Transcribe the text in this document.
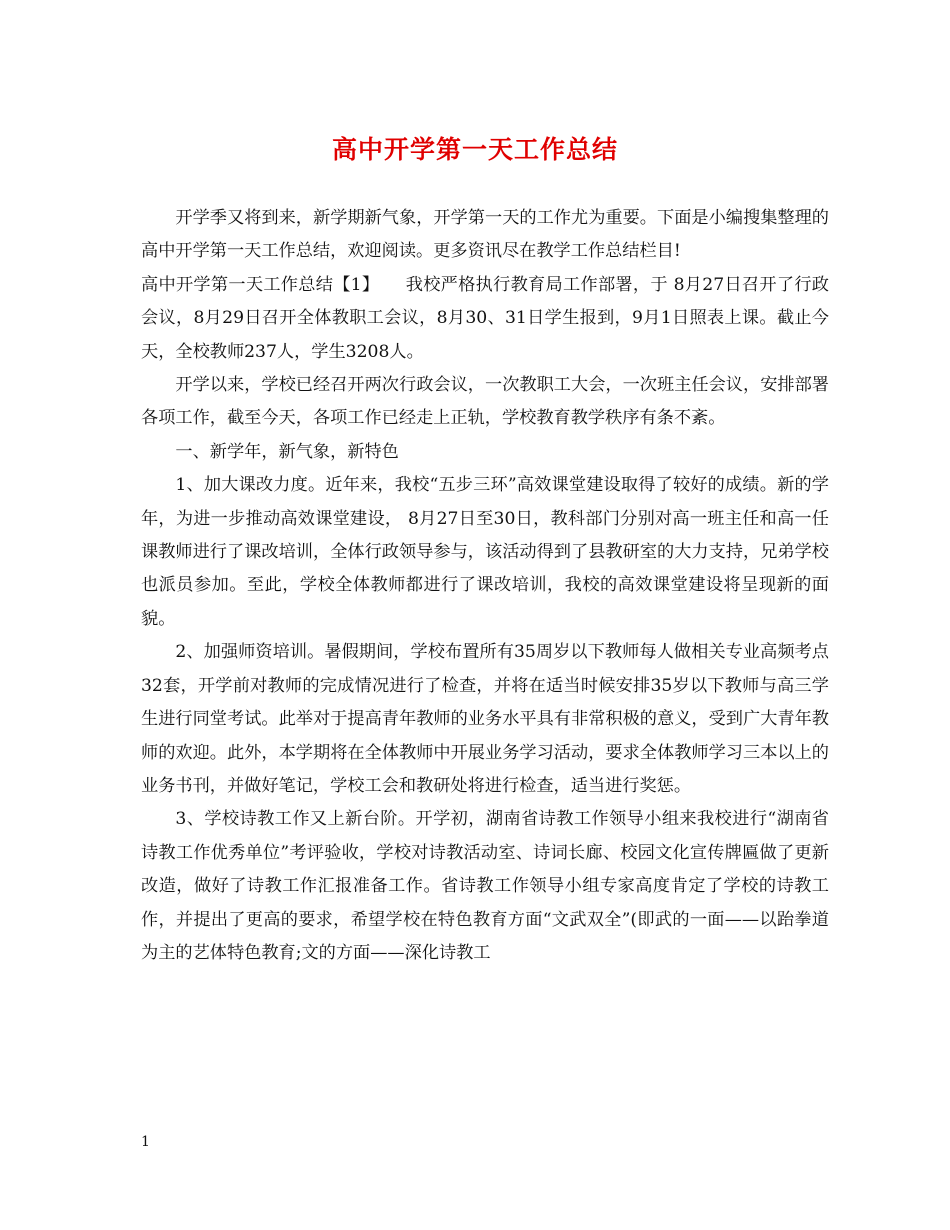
高中开学第一天工作总结

开学季又将到来，新学期新气象，开学第一天的工作尤为重要。下面是小编搜集整理的高中开学第一天工作总结，欢迎阅读。更多资讯尽在教学工作总结栏目!

高中开学第一天工作总结【1】　　我校严格执行教育局工作部署，于 8月27日召开了行政会议，8月29日召开全体教职工会议，8月30、31日学生报到，9月1日照表上课。截止今天，全校教师237人，学生3208人。

开学以来，学校已经召开两次行政会议，一次教职工大会，一次班主任会议，安排部署各项工作，截至今天，各项工作已经走上正轨，学校教育教学秩序有条不紊。

一、新学年，新气象，新特色

1、加大课改力度。近年来，我校“五步三环”高效课堂建设取得了较好的成绩。新的学年，为进一步推动高效课堂建设， 8月27日至30日，教科部门分别对高一班主任和高一任课教师进行了课改培训，全体行政领导参与，该活动得到了县教研室的大力支持，兄弟学校也派员参加。至此，学校全体教师都进行了课改培训，我校的高效课堂建设将呈现新的面貌。

2、加强师资培训。暑假期间，学校布置所有35周岁以下教师每人做相关专业高频考点32套，开学前对教师的完成情况进行了检查，并将在适当时候安排35岁以下教师与高三学生进行同堂考试。此举对于提高青年教师的业务水平具有非常积极的意义，受到广大青年教师的欢迎。此外，本学期将在全体教师中开展业务学习活动，要求全体教师学习三本以上的业务书刊，并做好笔记，学校工会和教研处将进行检查，适当进行奖惩。

3、学校诗教工作又上新台阶。开学初，湖南省诗教工作领导小组来我校进行“湖南省诗教工作优秀单位”考评验收，学校对诗教活动室、诗词长廊、校园文化宣传牌匾做了更新改造，做好了诗教工作汇报准备工作。省诗教工作领导小组专家高度肯定了学校的诗教工作，并提出了更高的要求，希望学校在特色教育方面“文武双全”(即武的一面——以跆拳道为主的艺体特色教育;文的方面——深化诗教工

1
